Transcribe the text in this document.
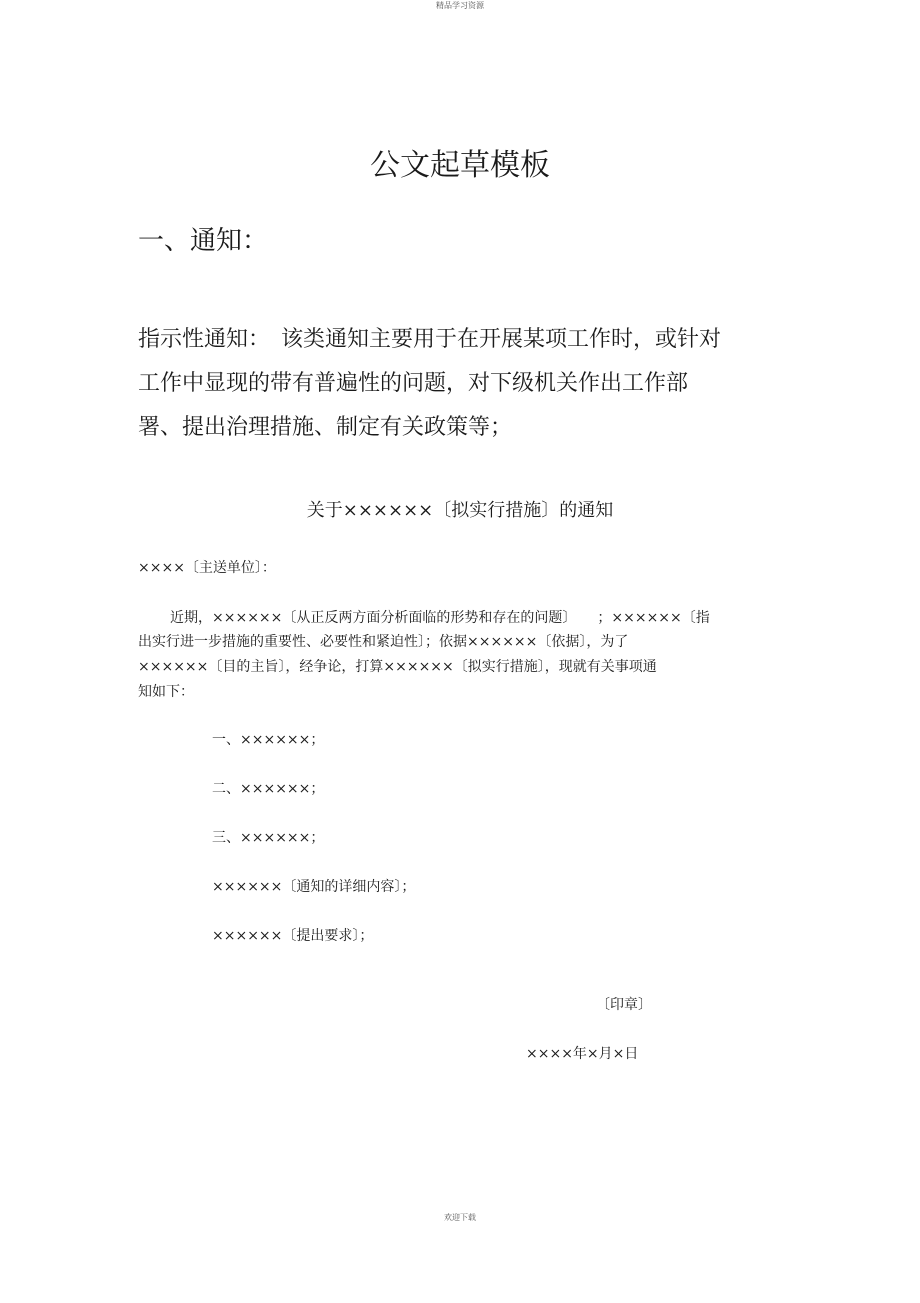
精品学习资源
公文起草模板
一、通知：
指示性通知：　该类通知主要用于在开展某项工作时，或针对
工作中显现的带有普遍性的问题，对下级机关作出工作部
署、提出治理措施、制定有关政策等；
关于××××××〔拟实行措施〕的通知
××××〔主送单位〕：
近期，××××××〔从正反两方面分析面临的形势和存在的问题〕　　；××××××〔指
出实行进一步措施的重要性、必要性和紧迫性〕；依据××××××〔依据〕，为了
××××××〔目的主旨〕，经争论，打算××××××〔拟实行措施〕，现就有关事项通
知如下：
一、××××××；
二、××××××；
三、××××××；
××××××〔通知的详细内容〕；
××××××〔提出要求〕；
〔印章〕
××××年×月×日
欢迎下载
